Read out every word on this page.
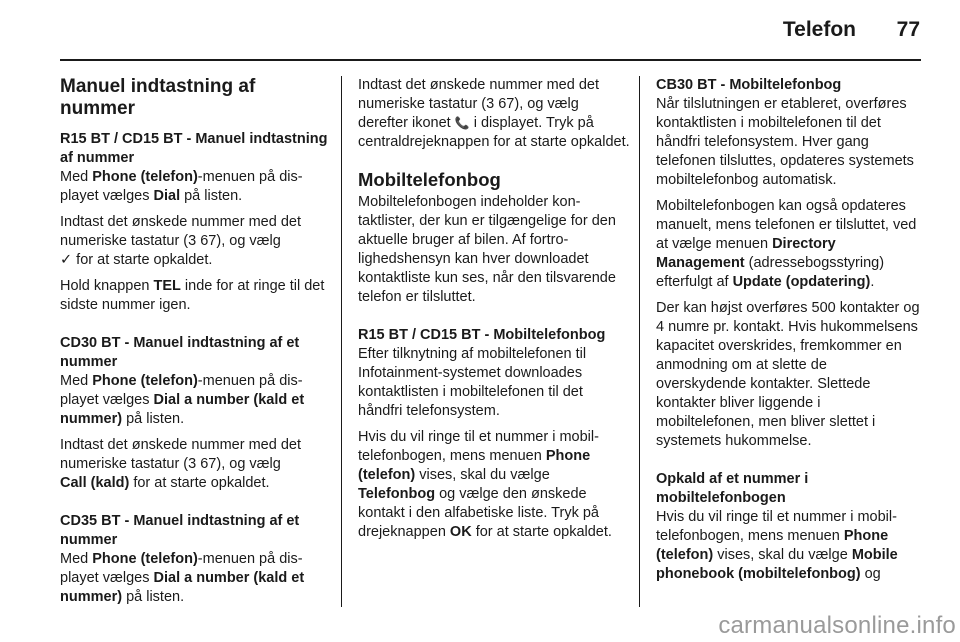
Telefon	77
Manuel indtastning af nummer
R15 BT / CD15 BT - Manuel indtastning af nummer

Med Phone (telefon)-menuen på displayet vælges Dial på listen.

Indtast det ønskede nummer med det numeriske tastatur (3 67), og vælg
✓ for at starte opkaldet.

Hold knappen TEL inde for at ringe til det sidste nummer igen.

CD30 BT - Manuel indtastning af et nummer

Med Phone (telefon)-menuen på displayet vælges Dial a number (kald et nummer) på listen.

Indtast det ønskede nummer med det numeriske tastatur (3 67), og vælg
Call (kald) for at starte opkaldet.

CD35 BT - Manuel indtastning af et nummer

Med Phone (telefon)-menuen på displayet vælges Dial a number (kald et nummer) på listen.

Indtast det ønskede nummer med det numeriske tastatur (3 67), og vælg derefter ikonet 📞 i displayet. Tryk på centraldrejeknappen for at starte opkaldet.

Mobiltelefonbog

Mobiltelefonbogen indeholder kontaktlister, der kun er tilgængelige for den aktuelle bruger af bilen. Af fortrolighedshensyn kan hver downloadet kontaktliste kun ses, når den tilsvarende telefon er tilsluttet.

R15 BT / CD15 BT - Mobiltelefonbog

Efter tilknytning af mobiltelefonen til Infotainment-systemet downloades kontaktlisten i mobiltelefonen til det håndfri telefonsystem.

Hvis du vil ringe til et nummer i mobiltelefonbogen, mens menuen Phone (telefon) vises, skal du vælge Telefonbog og vælge den ønskede kontakt i den alfabetiske liste. Tryk på drejeknappen OK for at starte opkaldet.

CB30 BT - Mobiltelefonbog

Når tilslutningen er etableret, overføres kontaktlisten i mobiltelefonen til det håndfri telefonsystem. Hver gang telefonen tilsluttes, opdateres systemets mobiltelefonbog automatisk.

Mobiltelefonbogen kan også opdateres manuelt, mens telefonen er tilsluttet, ved at vælge menuen Directory Management (adressebogsstyring) efterfulgt af Update (opdatering).

Der kan højst overføres 500 kontakter og 4 numre pr. kontakt. Hvis hukommelsens kapacitet overskrides, fremkommer en anmodning om at slette de overskydende kontakter. Slettede kontakter bliver liggende i mobiltelefonen, men bliver slettet i systemets hukommelse.

Opkald af et nummer i mobiltelefonbogen

Hvis du vil ringe til et nummer i mobiltelefonbogen, mens menuen Phone (telefon) vises, skal du vælge Mobile phonebook (mobiltelefonbog) og

carmanualsonline.info
